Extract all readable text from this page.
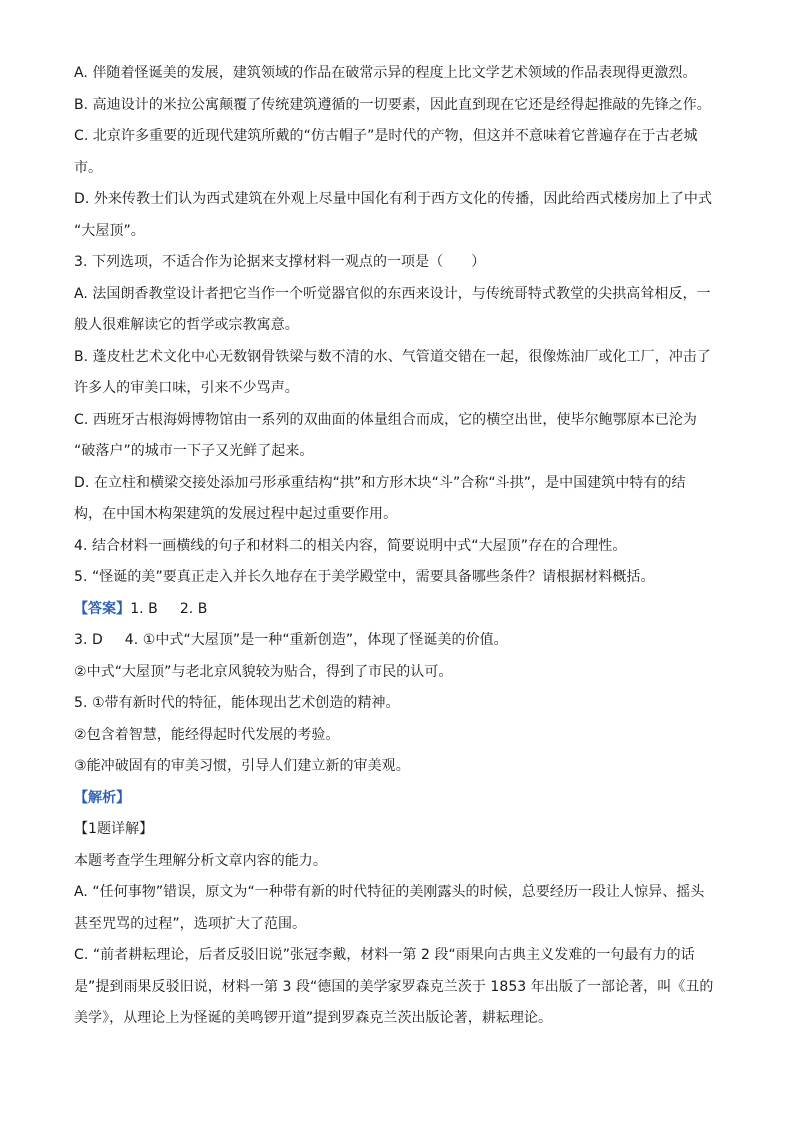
A. 伴随着怪诞美的发展，建筑领域的作品在破常示异的程度上比文学艺术领域的作品表现得更激烈。
B. 高迪设计的米拉公寓颠覆了传统建筑遵循的一切要素，因此直到现在它还是经得起推敲的先锋之作。
C. 北京许多重要的近现代建筑所戴的“仿古帽子”是时代的产物，但这并不意味着它普遍存在于古老城
市。
D. 外来传教士们认为西式建筑在外观上尽量中国化有利于西方文化的传播，因此给西式楼房加上了中式
“大屋顶”。
3. 下列选项，不适合作为论据来支撑材料一观点的一项是（　　）
A. 法国朗香教堂设计者把它当作一个听觉器官似的东西来设计，与传统哥特式教堂的尖拱高耸相反，一
般人很难解读它的哲学或宗教寓意。
B. 蓬皮杜艺术文化中心无数钢骨铁梁与数不清的水、气管道交错在一起，很像炼油厂或化工厂，冲击了
许多人的审美口味，引来不少骂声。
C. 西班牙古根海姆博物馆由一系列的双曲面的体量组合而成，它的横空出世，使毕尔鲍鄂原本已沦为
“破落户”的城市一下子又光鲜了起来。
D. 在立柱和横梁交接处添加弓形承重结构“拱”和方形木块“斗”合称“斗拱”，是中国建筑中特有的结
构，在中国木构架建筑的发展过程中起过重要作用。
4. 结合材料一画横线的句子和材料二的相关内容，简要说明中式“大屋顶”存在的合理性。
5. “怪诞的美”要真正走入并长久地存在于美学殿堂中，需要具备哪些条件？请根据材料概括。
【答案】1. B 2. B
3. D 4. ①中式“大屋顶”是一种“重新创造”，体现了怪诞美的价值。
②中式“大屋顶”与老北京风貌较为贴合，得到了市民的认可。
5. ①带有新时代的特征，能体现出艺术创造的精神。
②包含着智慧，能经得起时代发展的考验。
③能冲破固有的审美习惯，引导人们建立新的审美观。
【解析】
【1题详解】
本题考查学生理解分析文章内容的能力。
A. “任何事物”错误，原文为“一种带有新的时代特征的美刚露头的时候，总要经历一段让人惊异、摇头
甚至咒骂的过程”，选项扩大了范围。
C. “前者耕耘理论，后者反驳旧说”张冠李戴，材料一第 2 段“雨果向古典主义发难的一句最有力的话
是”提到雨果反驳旧说，材料一第 3 段“德国的美学家罗森克兰茨于 1853 年出版了一部论著，叫《丑的
美学》，从理论上为怪诞的美鸣锣开道”提到罗森克兰茨出版论著，耕耘理论。
